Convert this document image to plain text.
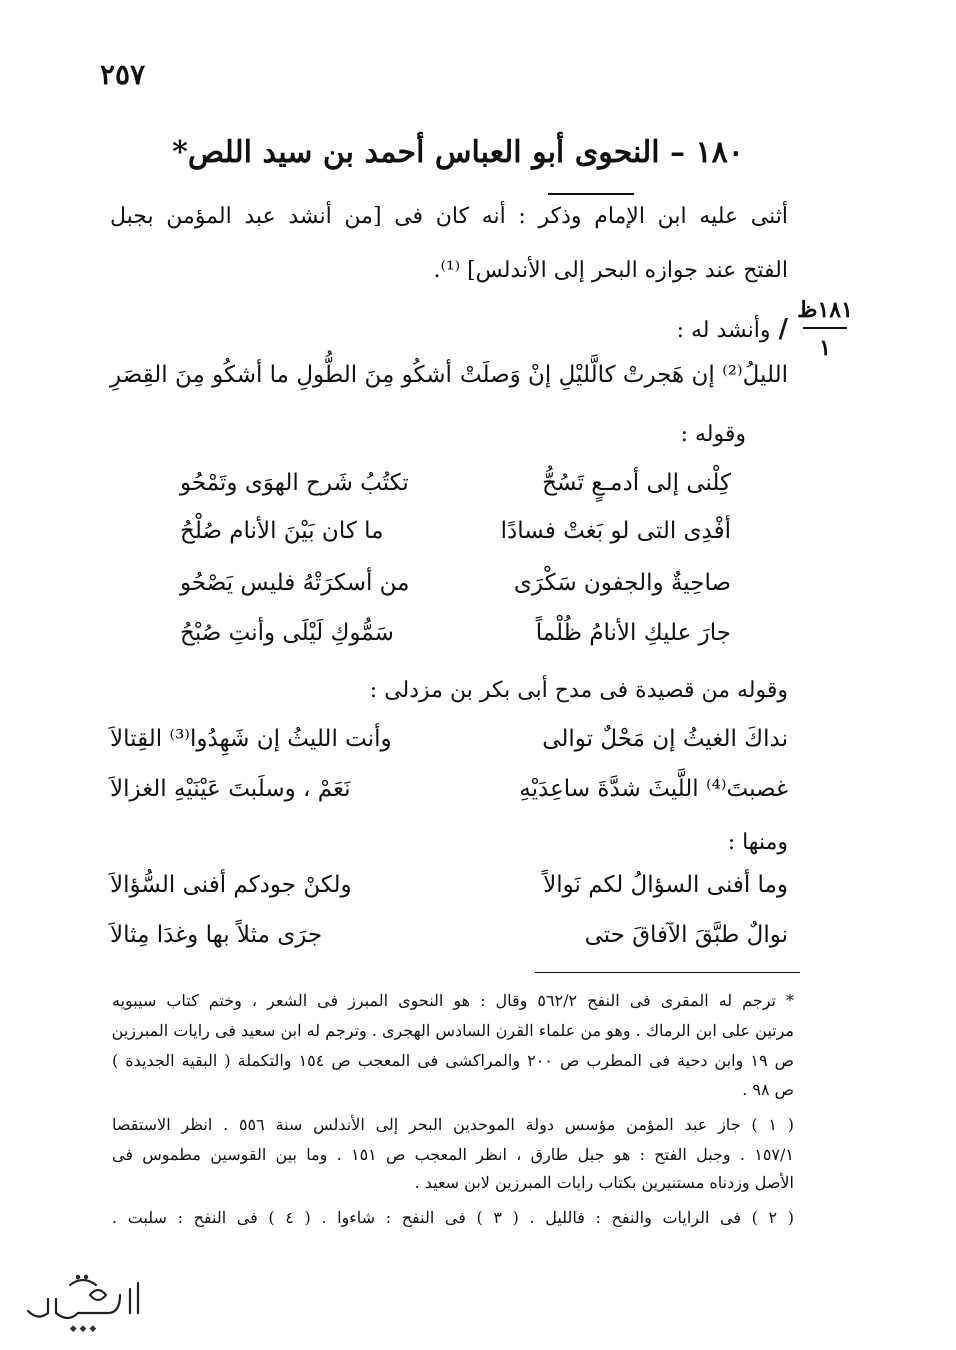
٢٥٧
١٨٠ – النحوى أبو العباس أحمد بن سيد اللص*
أثنى عليه ابن الإمام وذكر : أنه كان فى [من أنشد عبد المؤمن بجبل
الفتح عند جوازه البحر إلى الأندلس] ⁽¹⁾.
١٨١ظ
١
/وأنشد له :
الليلُ⁽²⁾ إن هَجرتْ كالَّليْلِ إنْ وَصلَتْ
أشكُو مِنَ الطُّولِ ما أشكُو مِنَ القِصَرِ
وقوله :
كِلْنى إلى أدمـعٍ تَسُحُّ
تكتُبُ شَرح الهوَى وتَمْحُو
أفْدِى التى لو بَغتْ فسادًا
ما كان بَيْنَ الأنام صُلْحُ
صاحِيةٌ والجفون سَكْرَى
من أسكرَتْهُ فليس يَصْحُو
جارَ عليكِ الأنامُ ظُلْماً
سَمُّوكِ لَيْلَى وأنتِ صُبْحُ
وقوله من قصيدة فى مدح أبى بكر بن مزدلى :
نداكَ الغيثُ إن مَحْلٌ توالى
وأنت الليثُ إن شَهِدُوا⁽³⁾ القِتالاَ
غصبتَ⁽⁴⁾ اللَّيثَ شدَّةَ ساعِدَيْهِ
نَعَمْ ، وسلَبتَ عَيْنَيْهِ الغزالاَ
ومنها :
وما أفنى السؤالُ لكم نَوالاً
ولكنْ جودكم أفنى السُّؤالاَ
نوالٌ طبَّقَ الآفاقَ حتى
جرَى مثلاً بها وغدَا مِثالاَ
* ترجم له المقرى فى النفح ٥٦٢/٢ وقال : هو النحوى المبرز فى الشعر ، وختم كتاب سيبويه
مرتين على ابن الرماك . وهو من علماء القرن السادس الهجرى . وترجم له ابن سعيد فى رايات المبرزين
ص ١٩ وابن دحية فى المطرب ص ٢٠٠ والمراكشى فى المعجب ص ١٥٤ والتكملة ( البقية الجديدة )
ص ٩٨ .
( ١ ) جاز عبد المؤمن مؤسس دولة الموحدين البحر إلى الأندلس سنة ٥٥٦ . انظر الاستقصا
١٥٧/١ . وجبل الفتح : هو جبل طارق ، انظر المعجب ص ١٥١ . وما بين القوسين مطموس فى
الأصل وزدناه مستنيرين بكتاب رايات المبرزين لابن سعيد .
( ٢ ) فى الرايات والنفح : فالليل . ( ٣ ) فى النفح : شاءوا . ( ٤ ) فى النفح : سلبت .
◆ ◆ ◆
